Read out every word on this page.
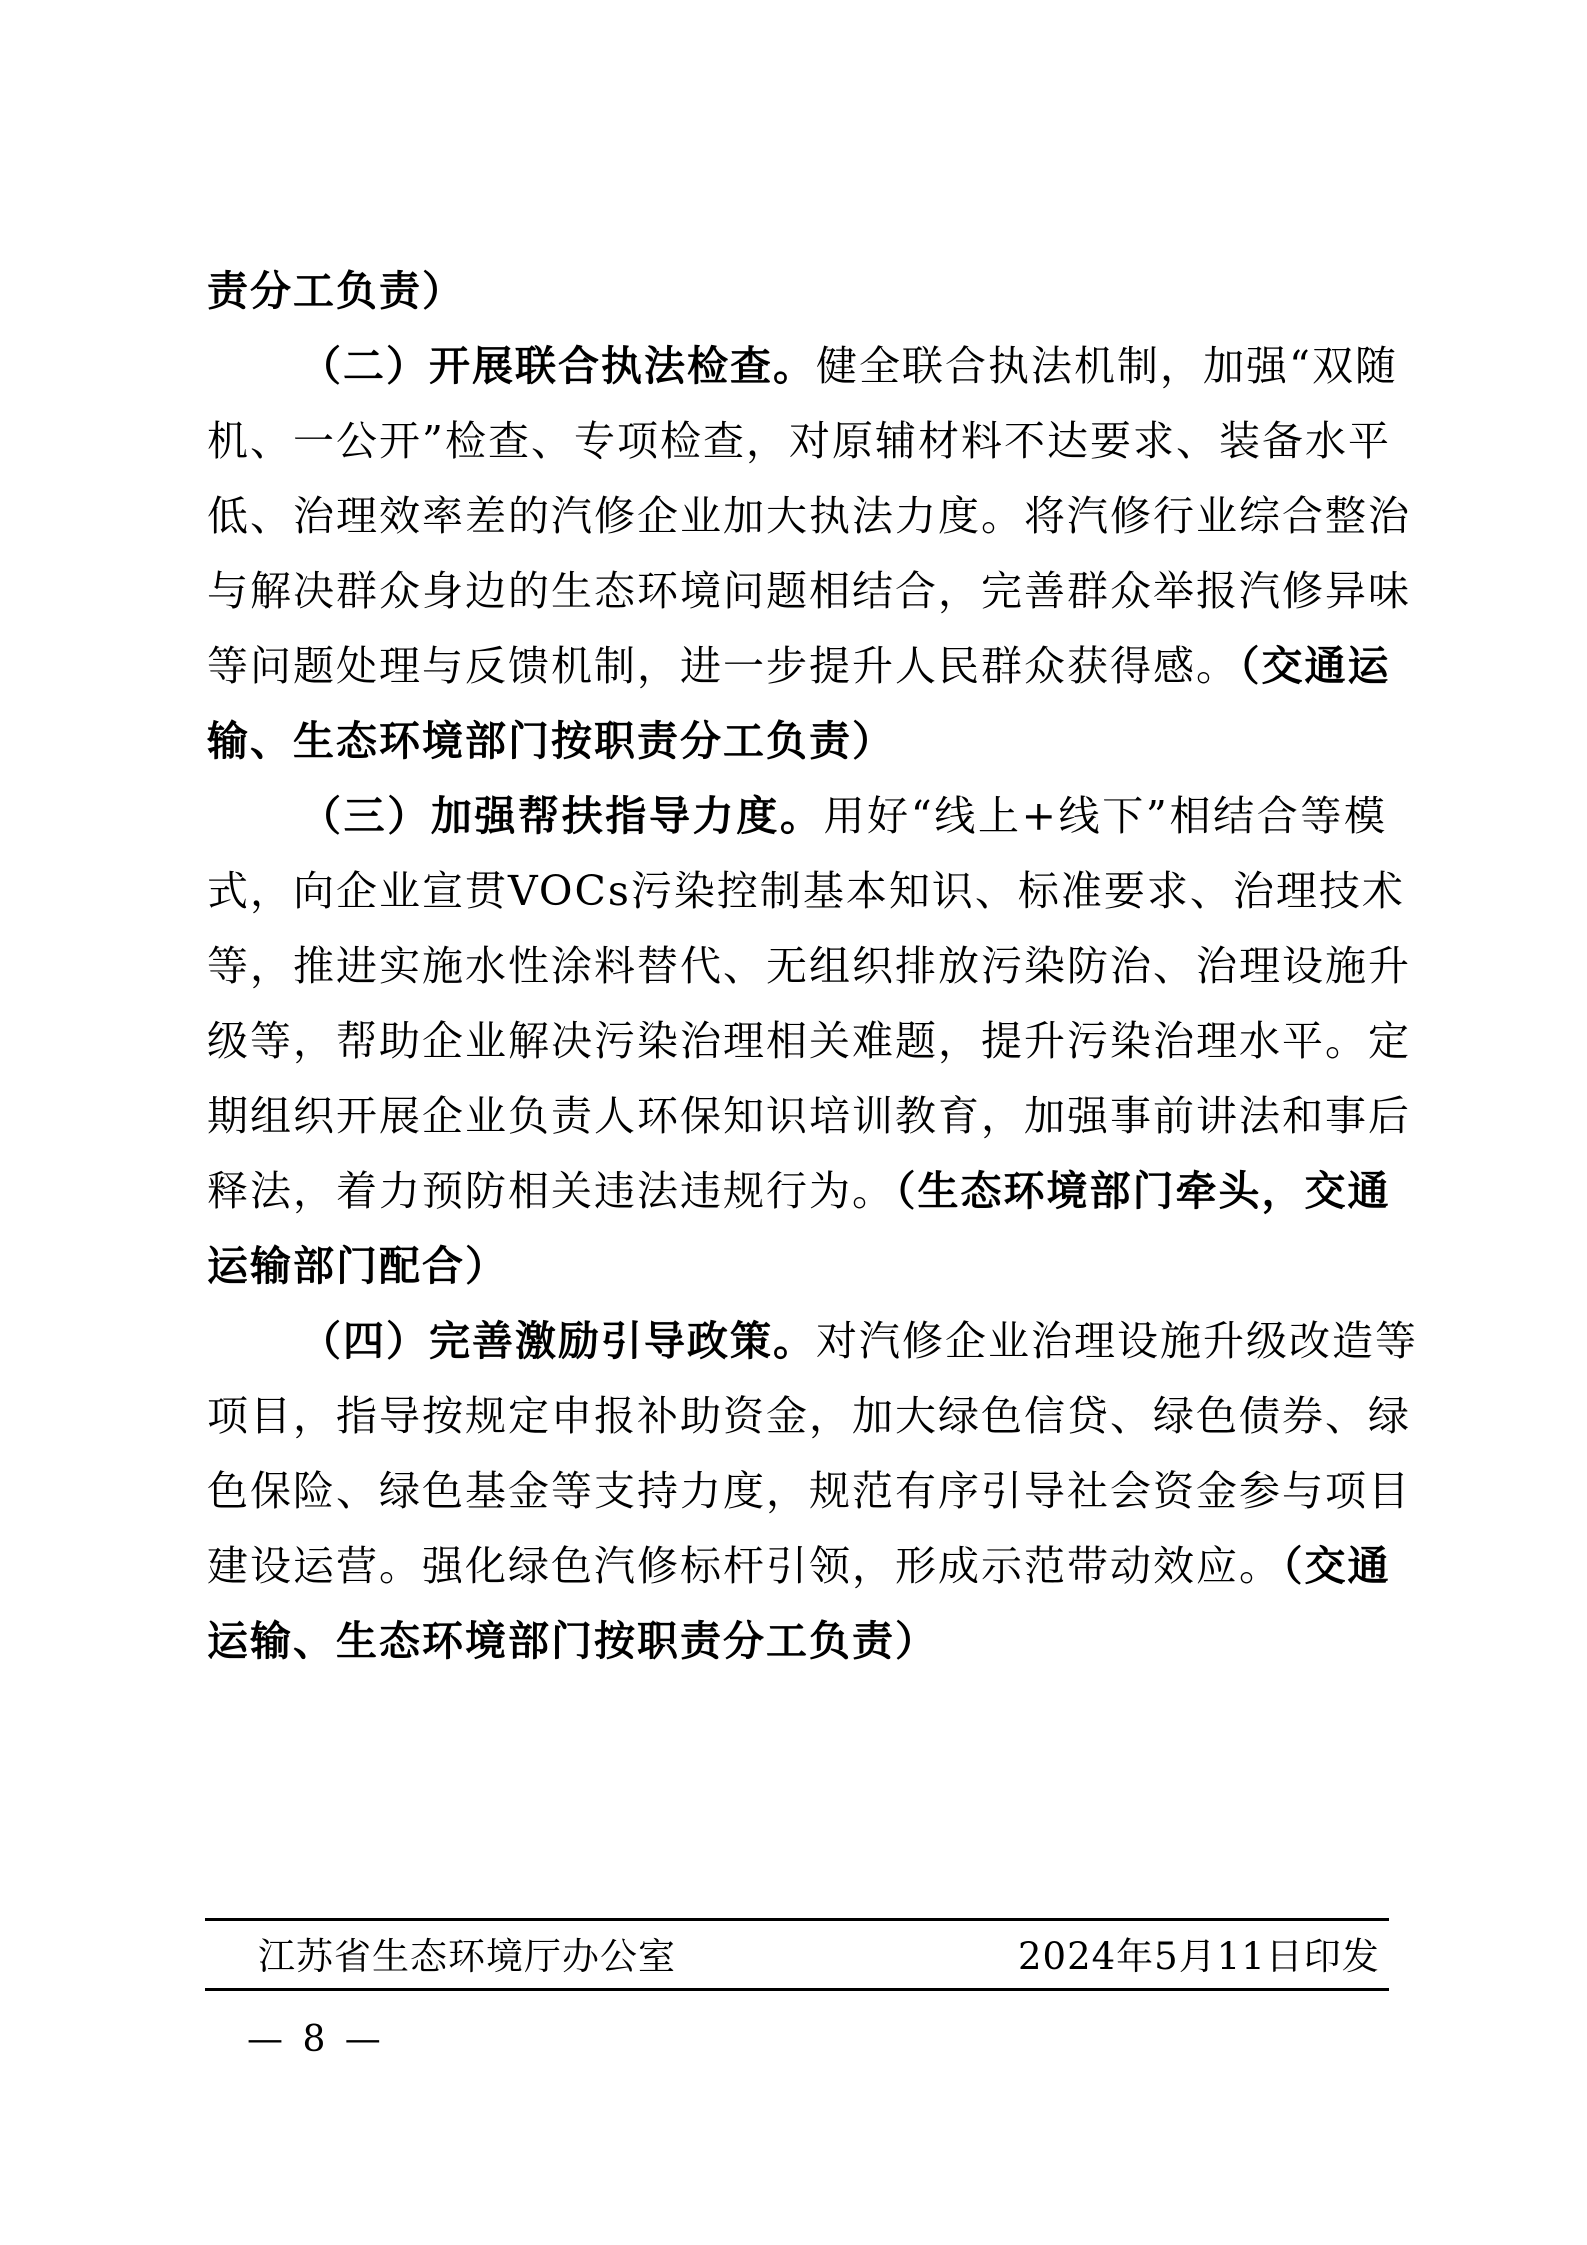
责分工负责）
（二）开展联合执法检查。健全联合执法机制，加强“双随
机、一公开”检查、专项检查，对原辅材料不达要求、装备水平
低、治理效率差的汽修企业加大执法力度。将汽修行业综合整治
与解决群众身边的生态环境问题相结合，完善群众举报汽修异味
等问题处理与反馈机制，进一步提升人民群众获得感。（交通运
输、生态环境部门按职责分工负责）
（三）加强帮扶指导力度。用好“线上+线下”相结合等模
式，向企业宣贯VOCs污染控制基本知识、标准要求、治理技术
等，推进实施水性涂料替代、无组织排放污染防治、治理设施升
级等，帮助企业解决污染治理相关难题，提升污染治理水平。定
期组织开展企业负责人环保知识培训教育，加强事前讲法和事后
释法，着力预防相关违法违规行为。（生态环境部门牵头，交通
运输部门配合）
（四）完善激励引导政策。对汽修企业治理设施升级改造等
项目，指导按规定申报补助资金，加大绿色信贷、绿色债券、绿
色保险、绿色基金等支持力度，规范有序引导社会资金参与项目
建设运营。强化绿色汽修标杆引领，形成示范带动效应。（交通
运输、生态环境部门按职责分工负责）
江苏省生态环境厅办公室	2024年5月11日印发
— 8 —
